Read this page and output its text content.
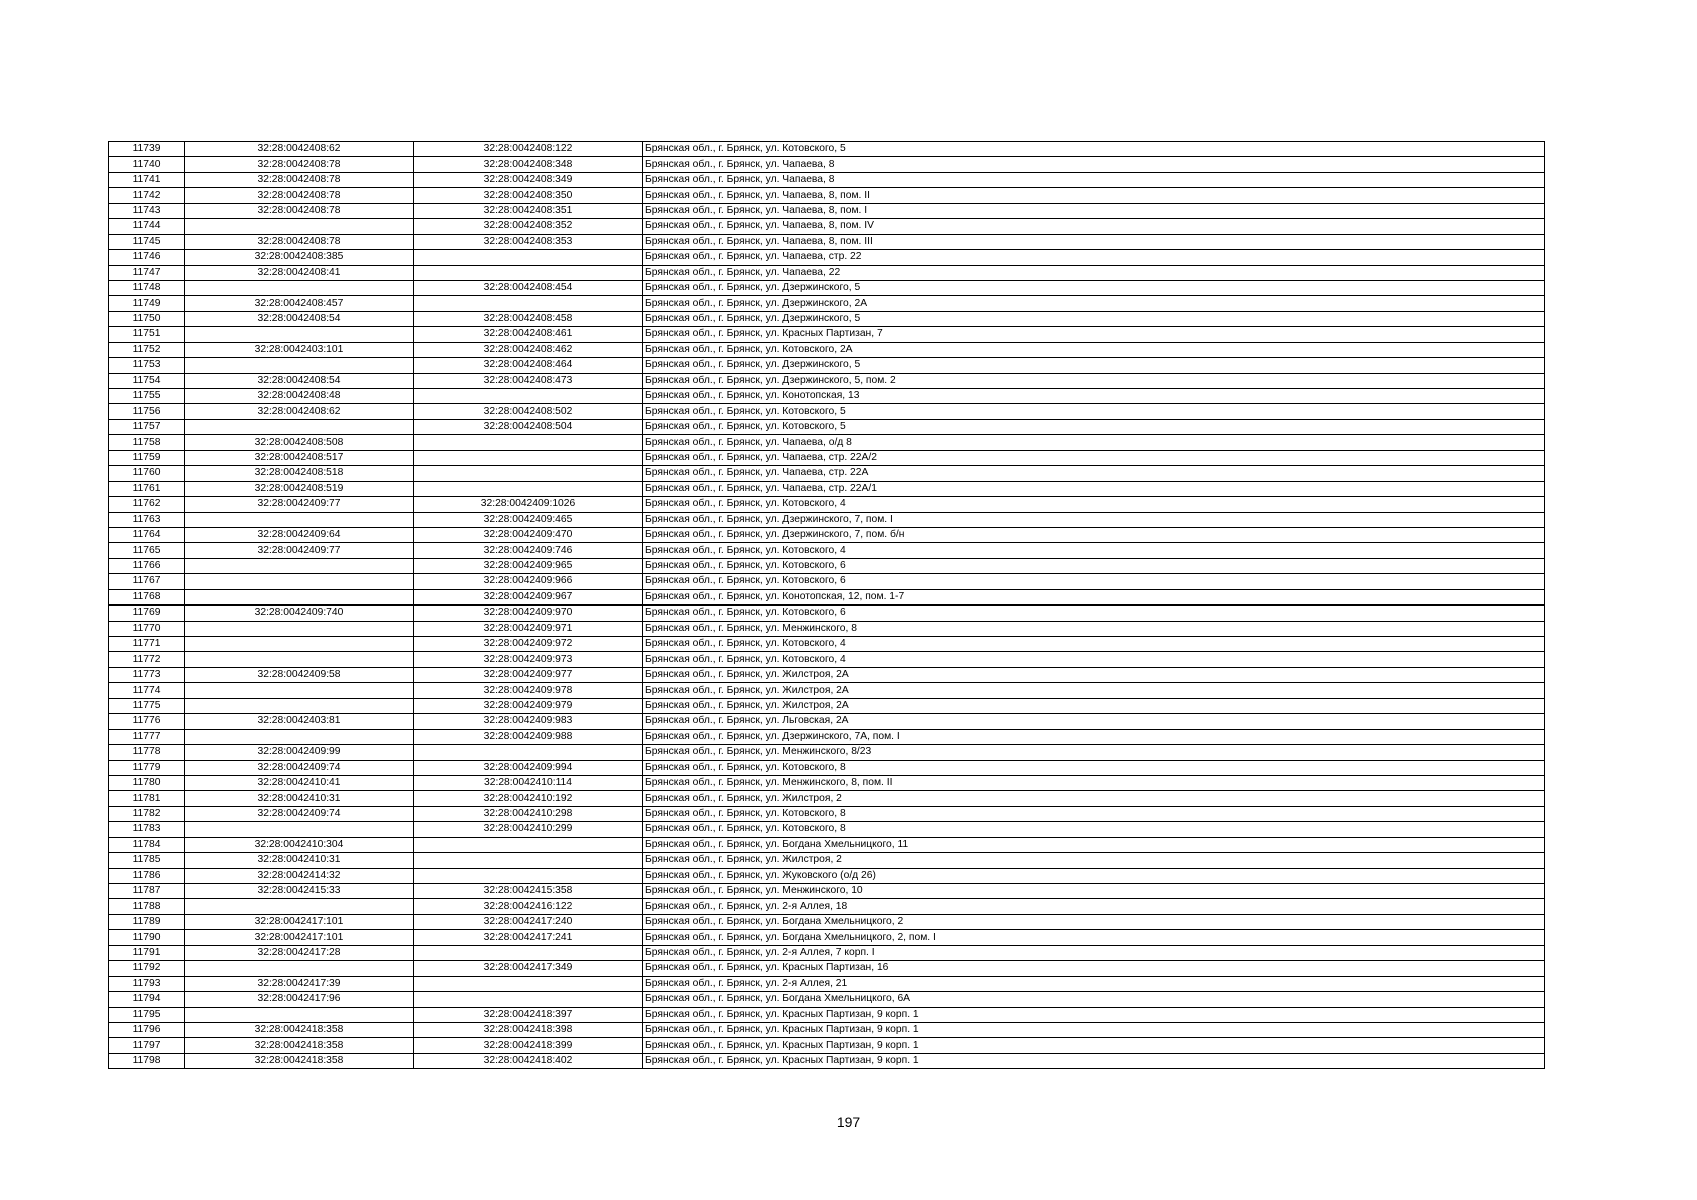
11739	32:28:0042408:62	32:28:0042408:122	Брянская обл., г. Брянск, ул. Котовского, 5
11740	32:28:0042408:78	32:28:0042408:348	Брянская обл., г. Брянск, ул. Чапаева, 8
11741	32:28:0042408:78	32:28:0042408:349	Брянская обл., г. Брянск, ул. Чапаева, 8
11742	32:28:0042408:78	32:28:0042408:350	Брянская обл., г. Брянск, ул. Чапаева, 8, пом. II
11743	32:28:0042408:78	32:28:0042408:351	Брянская обл., г. Брянск, ул. Чапаева, 8, пом. I
11744		32:28:0042408:352	Брянская обл., г. Брянск, ул. Чапаева, 8, пом. IV
11745	32:28:0042408:78	32:28:0042408:353	Брянская обл., г. Брянск, ул. Чапаева, 8, пом. III
11746	32:28:0042408:385		Брянская обл., г. Брянск, ул. Чапаева, стр. 22
11747	32:28:0042408:41		Брянская обл., г. Брянск, ул. Чапаева, 22
11748		32:28:0042408:454	Брянская обл., г. Брянск, ул. Дзержинского, 5
11749	32:28:0042408:457		Брянская обл., г. Брянск, ул. Дзержинского, 2А
11750	32:28:0042408:54	32:28:0042408:458	Брянская обл., г. Брянск, ул. Дзержинского, 5
11751		32:28:0042408:461	Брянская обл., г. Брянск, ул. Красных Партизан, 7
11752	32:28:0042403:101	32:28:0042408:462	Брянская обл., г. Брянск, ул. Котовского, 2А
11753		32:28:0042408:464	Брянская обл., г. Брянск, ул. Дзержинского, 5
11754	32:28:0042408:54	32:28:0042408:473	Брянская обл., г. Брянск, ул. Дзержинского, 5, пом. 2
11755	32:28:0042408:48		Брянская обл., г. Брянск, ул. Конотопская, 13
11756	32:28:0042408:62	32:28:0042408:502	Брянская обл., г. Брянск, ул. Котовского, 5
11757		32:28:0042408:504	Брянская обл., г. Брянск, ул. Котовского, 5
11758	32:28:0042408:508		Брянская обл., г. Брянск, ул. Чапаева, о/д 8
11759	32:28:0042408:517		Брянская обл., г. Брянск, ул. Чапаева, стр. 22А/2
11760	32:28:0042408:518		Брянская обл., г. Брянск, ул. Чапаева, стр. 22А
11761	32:28:0042408:519		Брянская обл., г. Брянск, ул. Чапаева, стр. 22А/1
11762	32:28:0042409:77	32:28:0042409:1026	Брянская обл., г. Брянск, ул. Котовского, 4
11763		32:28:0042409:465	Брянская обл., г. Брянск, ул. Дзержинского, 7, пом. I
11764	32:28:0042409:64	32:28:0042409:470	Брянская обл., г. Брянск, ул. Дзержинского, 7, пом. б/н
11765	32:28:0042409:77	32:28:0042409:746	Брянская обл., г. Брянск, ул. Котовского, 4
11766		32:28:0042409:965	Брянская обл., г. Брянск, ул. Котовского, 6
11767		32:28:0042409:966	Брянская обл., г. Брянск, ул. Котовского, 6
11768		32:28:0042409:967	Брянская обл., г. Брянск, ул. Конотопская, 12, пом. 1-7
11769	32:28:0042409:740	32:28:0042409:970	Брянская обл., г. Брянск, ул. Котовского, 6
11770		32:28:0042409:971	Брянская обл., г. Брянск, ул. Менжинского, 8
11771		32:28:0042409:972	Брянская обл., г. Брянск, ул. Котовского, 4
11772		32:28:0042409:973	Брянская обл., г. Брянск, ул. Котовского, 4
11773	32:28:0042409:58	32:28:0042409:977	Брянская обл., г. Брянск, ул. Жилстроя, 2А
11774		32:28:0042409:978	Брянская обл., г. Брянск, ул. Жилстроя, 2А
11775		32:28:0042409:979	Брянская обл., г. Брянск, ул. Жилстроя, 2А
11776	32:28:0042403:81	32:28:0042409:983	Брянская обл., г. Брянск, ул. Льговская, 2А
11777		32:28:0042409:988	Брянская обл., г. Брянск, ул. Дзержинского, 7А, пом. I
11778	32:28:0042409:99		Брянская обл., г. Брянск, ул. Менжинского, 8/23
11779	32:28:0042409:74	32:28:0042409:994	Брянская обл., г. Брянск, ул. Котовского, 8
11780	32:28:0042410:41	32:28:0042410:114	Брянская обл., г. Брянск, ул. Менжинского, 8, пом. II
11781	32:28:0042410:31	32:28:0042410:192	Брянская обл., г. Брянск, ул. Жилстроя, 2
11782	32:28:0042409:74	32:28:0042410:298	Брянская обл., г. Брянск, ул. Котовского, 8
11783		32:28:0042410:299	Брянская обл., г. Брянск, ул. Котовского, 8
11784	32:28:0042410:304		Брянская обл., г. Брянск, ул. Богдана Хмельницкого, 11
11785	32:28:0042410:31		Брянская обл., г. Брянск, ул. Жилстроя, 2
11786	32:28:0042414:32		Брянская обл., г. Брянск, ул. Жуковского (о/д 26)
11787	32:28:0042415:33	32:28:0042415:358	Брянская обл., г. Брянск, ул. Менжинского, 10
11788		32:28:0042416:122	Брянская обл., г. Брянск, ул. 2-я Аллея, 18
11789	32:28:0042417:101	32:28:0042417:240	Брянская обл., г. Брянск, ул. Богдана Хмельницкого, 2
11790	32:28:0042417:101	32:28:0042417:241	Брянская обл., г. Брянск, ул. Богдана Хмельницкого, 2, пом. I
11791	32:28:0042417:28		Брянская обл., г. Брянск, ул. 2-я Аллея, 7 корп. I
11792		32:28:0042417:349	Брянская обл., г. Брянск, ул. Красных Партизан, 16
11793	32:28:0042417:39		Брянская обл., г. Брянск, ул. 2-я Аллея, 21
11794	32:28:0042417:96		Брянская обл., г. Брянск, ул. Богдана Хмельницкого, 6А
11795		32:28:0042418:397	Брянская обл., г. Брянск, ул. Красных Партизан, 9 корп. 1
11796	32:28:0042418:358	32:28:0042418:398	Брянская обл., г. Брянск, ул. Красных Партизан, 9 корп. 1
11797	32:28:0042418:358	32:28:0042418:399	Брянская обл., г. Брянск, ул. Красных Партизан, 9 корп. 1
11798	32:28:0042418:358	32:28:0042418:402	Брянская обл., г. Брянск, ул. Красных Партизан, 9 корп. 1
197
